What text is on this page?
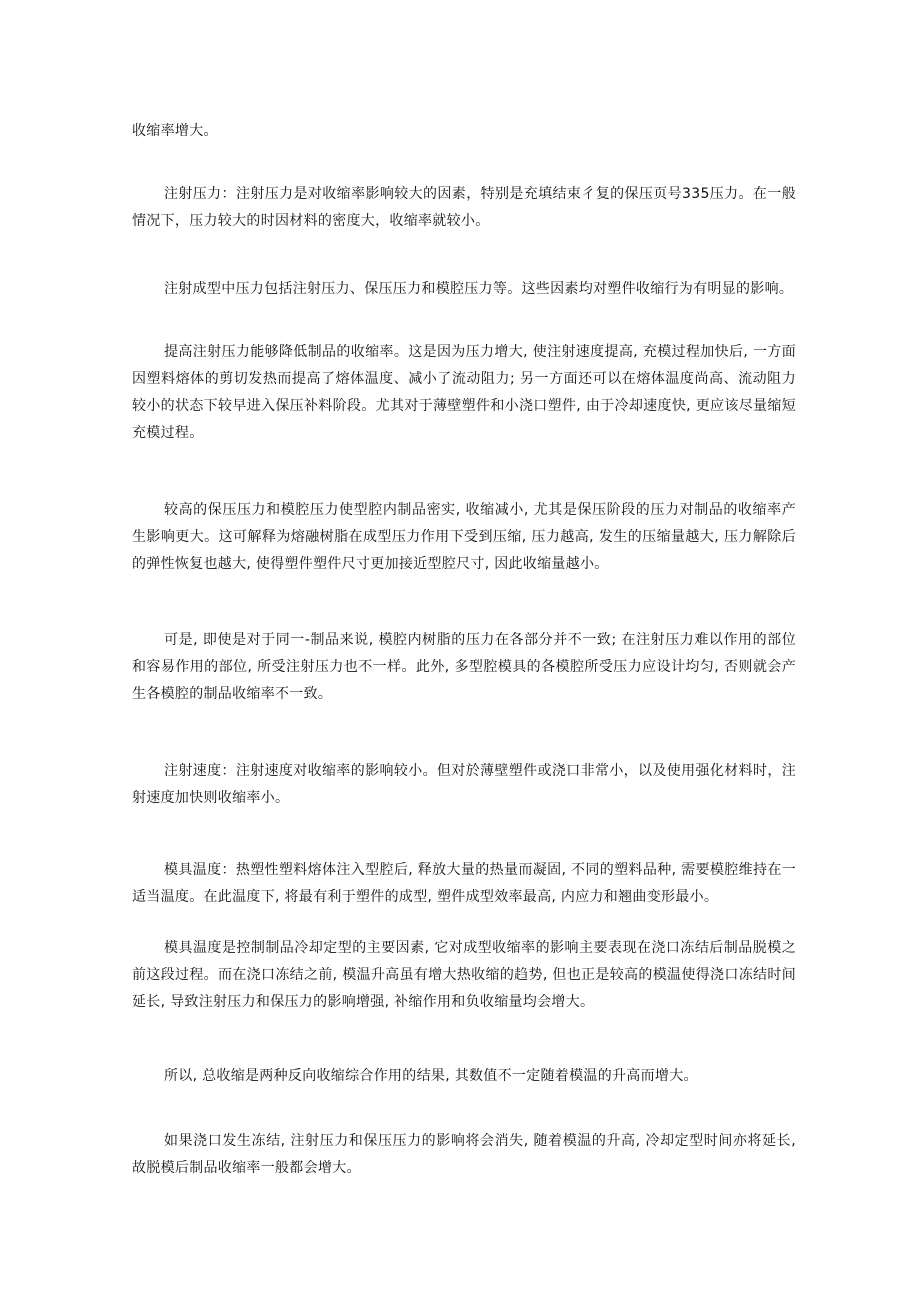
收缩率增大。

注射压力：注射压力是对收缩率影响较大的因素，特别是充填结束彳复的保压页号335压力。在一般情况下，压力较大的时因材料的密度大，收缩率就较小。

注射成型中压力包括注射压力、保压压力和模腔压力等。这些因素均对塑件收缩行为有明显的影响。

提高注射压力能够降低制品的收缩率。这是因为压力增大, 使注射速度提高, 充模过程加快后, 一方面因塑料熔体的剪切发热而提高了熔体温度、减小了流动阻力; 另一方面还可以在熔体温度尚高、流动阻力较小的状态下较早进入保压补料阶段。尤其对于薄壁塑件和小浇口塑件, 由于冷却速度快, 更应该尽量缩短充模过程。

较高的保压压力和模腔压力使型腔内制品密实, 收缩减小, 尤其是保压阶段的压力对制品的收缩率产生影响更大。这可解释为熔融树脂在成型压力作用下受到压缩, 压力越高, 发生的压缩量越大, 压力解除后的弹性恢复也越大, 使得塑件塑件尺寸更加接近型腔尺寸, 因此收缩量越小。

可是, 即使是对于同一-制品来说, 模腔内树脂的压力在各部分并不一致; 在注射压力难以作用的部位和容易作用的部位, 所受注射压力也不一样。此外, 多型腔模具的各模腔所受压力应设计均匀, 否则就会产生各模腔的制品收缩率不一致。

注射速度：注射速度对收缩率的影响较小。但对於薄壁塑件或浇口非常小，以及使用强化材料时，注射速度加快则收缩率小。

模具温度：热塑性塑料熔体注入型腔后, 释放大量的热量而凝固, 不同的塑料品种, 需要模腔维持在一适当温度。在此温度下, 将最有利于塑件的成型, 塑件成型效率最高, 内应力和翘曲变形最小。

模具温度是控制制品冷却定型的主要因素, 它对成型收缩率的影响主要表现在浇口冻结后制品脱模之前这段过程。而在浇口冻结之前, 模温升高虽有增大热收缩的趋势, 但也正是较高的模温使得浇口冻结时间延长, 导致注射压力和保压力的影响增强, 补缩作用和负收缩量均会增大。

所以, 总收缩是两种反向收缩综合作用的结果, 其数值不一定随着模温的升高而增大。

如果浇口发生冻结, 注射压力和保压压力的影响将会消失, 随着模温的升高, 冷却定型时间亦将延长, 故脱模后制品收缩率一般都会增大。
